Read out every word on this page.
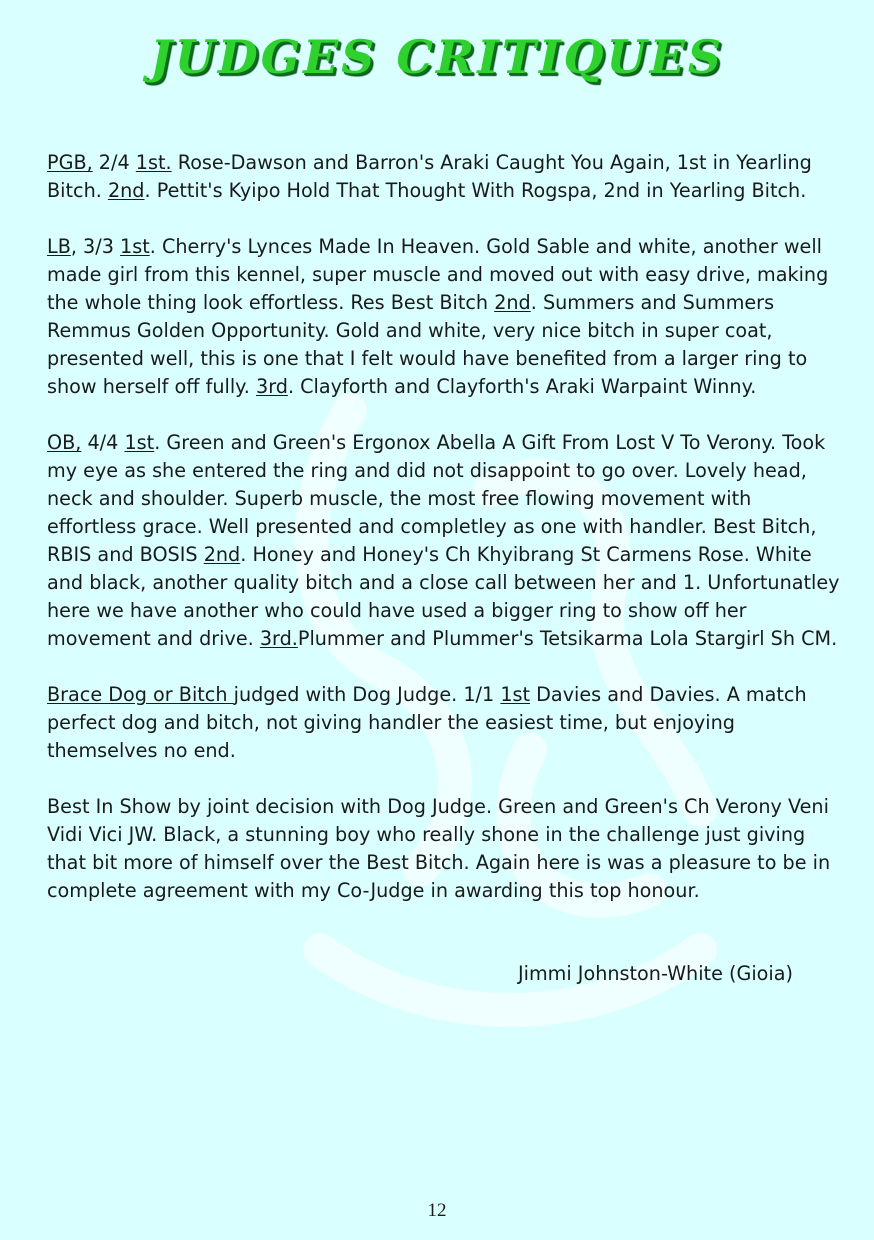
JUDGES CRITIQUES

PGB, 2/4 1st. Rose-Dawson and Barron's Araki Caught You Again, 1st in Yearling Bitch. 2nd. Pettit's Kyipo Hold That Thought With Rogspa, 2nd in Yearling Bitch.

LB, 3/3 1st. Cherry's Lynces Made In Heaven. Gold Sable and white, another well made girl from this kennel, super muscle and moved out with easy drive, making the whole thing look effortless. Res Best Bitch 2nd. Summers and Summers Remmus Golden Opportunity. Gold and white, very nice bitch in super coat, presented well, this is one that I felt would have benefited from a larger ring to show herself off fully. 3rd. Clayforth and Clayforth's Araki Warpaint Winny.

OB, 4/4 1st. Green and Green's Ergonox Abella A Gift From Lost V To Verony. Took my eye as she entered the ring and did not disappoint to go over. Lovely head, neck and shoulder. Superb muscle, the most free flowing movement with effortless grace. Well presented and completley as one with handler. Best Bitch, RBIS and BOSIS 2nd. Honey and Honey's Ch Khyibrang St Carmens Rose. White and black, another quality bitch and a close call between her and 1. Unfortunatley here we have another who could have used a bigger ring to show off her movement and drive. 3rd.Plummer and Plummer's Tetsikarma Lola Stargirl Sh CM.

Brace Dog or Bitch judged with Dog Judge. 1/1 1st Davies and Davies. A match perfect dog and bitch, not giving handler the easiest time, but enjoying themselves no end.

Best In Show by joint decision with Dog Judge. Green and Green's Ch Verony Veni Vidi Vici JW. Black, a stunning boy who really shone in the challenge just giving that bit more of himself over the Best Bitch. Again here is was a pleasure to be in complete agreement with my Co-Judge in awarding this top honour.

Jimmi Johnston-White (Gioia)
12
